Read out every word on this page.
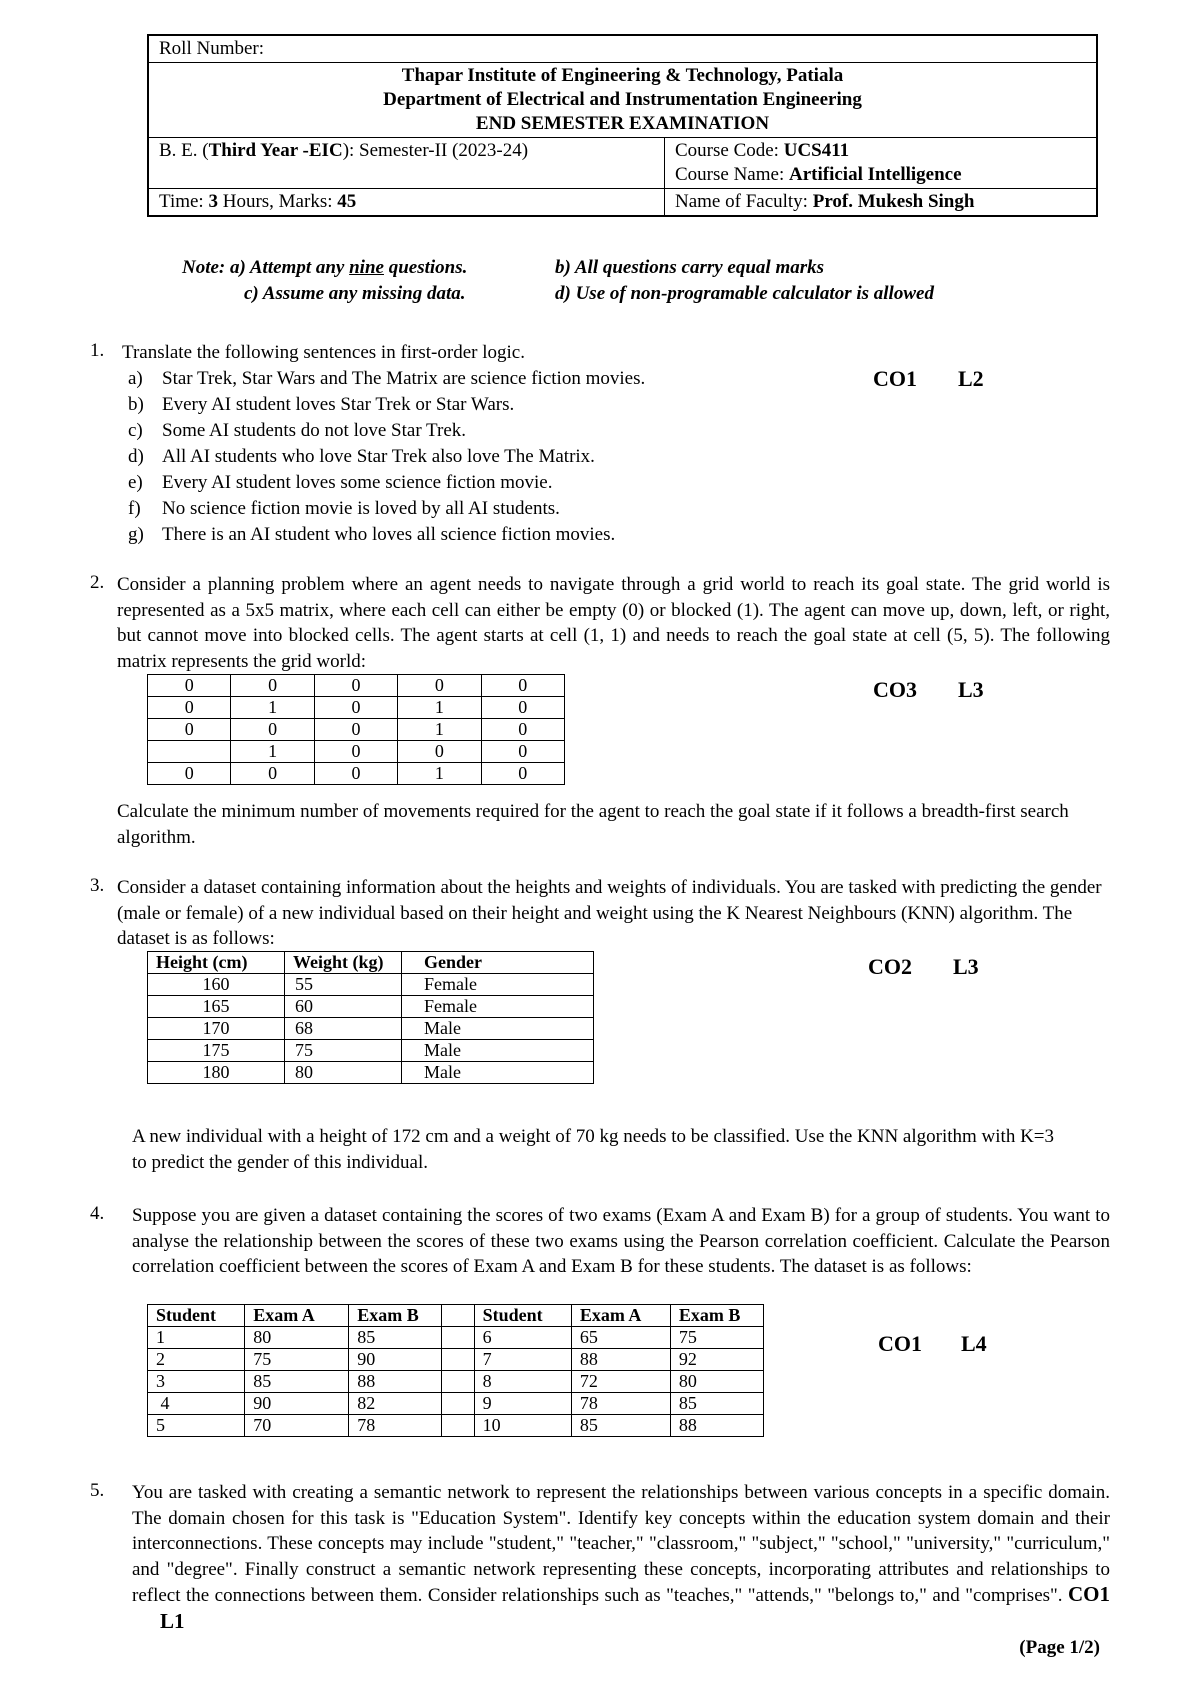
Roll Number:	

Thapar Institute of Engineering & Technology, Patiala
Department of Electrical and Instrumentation Engineering
END SEMESTER EXAMINATION	

B. E. (Third Year -EIC): Semester-II (2023-24)	Course Code: UCS411
Course Name: Artificial Intelligence

Time: 3 Hours, Marks: 45	Name of Faculty: Prof. Mukesh Singh
Note: a) Attempt any nine questions.	b) All questions carry equal marks
c) Assume any missing data.	d) Use of non-programable calculator is allowed
1. Translate the following sentences in first-order logic.
a) Star Trek, Star Wars and The Matrix are science fiction movies.
b) Every AI student loves Star Trek or Star Wars.
c) Some AI students do not love Star Trek.
d) All AI students who love Star Trek also love The Matrix.
e) Every AI student loves some science fiction movie.
f) No science fiction movie is loved by all AI students.
g) There is an AI student who loves all science fiction movies.
CO1 L2
2. Consider a planning problem where an agent needs to navigate through a grid world to reach its goal state. The grid world is represented as a 5x5 matrix, where each cell can either be empty (0) or blocked (1). The agent can move up, down, left, or right, but cannot move into blocked cells. The agent starts at cell (1, 1) and needs to reach the goal state at cell (5, 5). The following matrix represents the grid world:
0	0	0	0	0
0	1	0	1	0
0	0	0	1	0
	1	0	0	0
0	0	0	1	0
CO3 L3
Calculate the minimum number of movements required for the agent to reach the goal state if it follows a breadth-first search algorithm.
3. Consider a dataset containing information about the heights and weights of individuals. You are tasked with predicting the gender (male or female) of a new individual based on their height and weight using the K Nearest Neighbours (KNN) algorithm. The dataset is as follows:
Height (cm)	Weight (kg)	Gender
160	55	Female
165	60	Female
170	68	Male
175	75	Male
180	80	Male
CO2 L3
A new individual with a height of 172 cm and a weight of 70 kg needs to be classified. Use the KNN algorithm with K=3 to predict the gender of this individual.
4. Suppose you are given a dataset containing the scores of two exams (Exam A and Exam B) for a group of students. You want to analyse the relationship between the scores of these two exams using the Pearson correlation coefficient. Calculate the Pearson correlation coefficient between the scores of Exam A and Exam B for these students. The dataset is as follows:
Student	Exam A	Exam B		Student	Exam A	Exam B
1	80	85		6	65	75
2	75	90		7	88	92
3	85	88		8	72	80
4	90	82		9	78	85
5	70	78		10	85	88
CO1 L4
5. You are tasked with creating a semantic network to represent the relationships between various concepts in a specific domain. The domain chosen for this task is "Education System". Identify key concepts within the education system domain and their interconnections. These concepts may include "student," "teacher," "classroom," "subject," "school," "university," "curriculum," and "degree". Finally construct a semantic network representing these concepts, incorporating attributes and relationships to reflect the connections between them. Consider relationships such as "teaches," "attends," "belongs to," and "comprises". CO1 L1
(Page 1/2)
